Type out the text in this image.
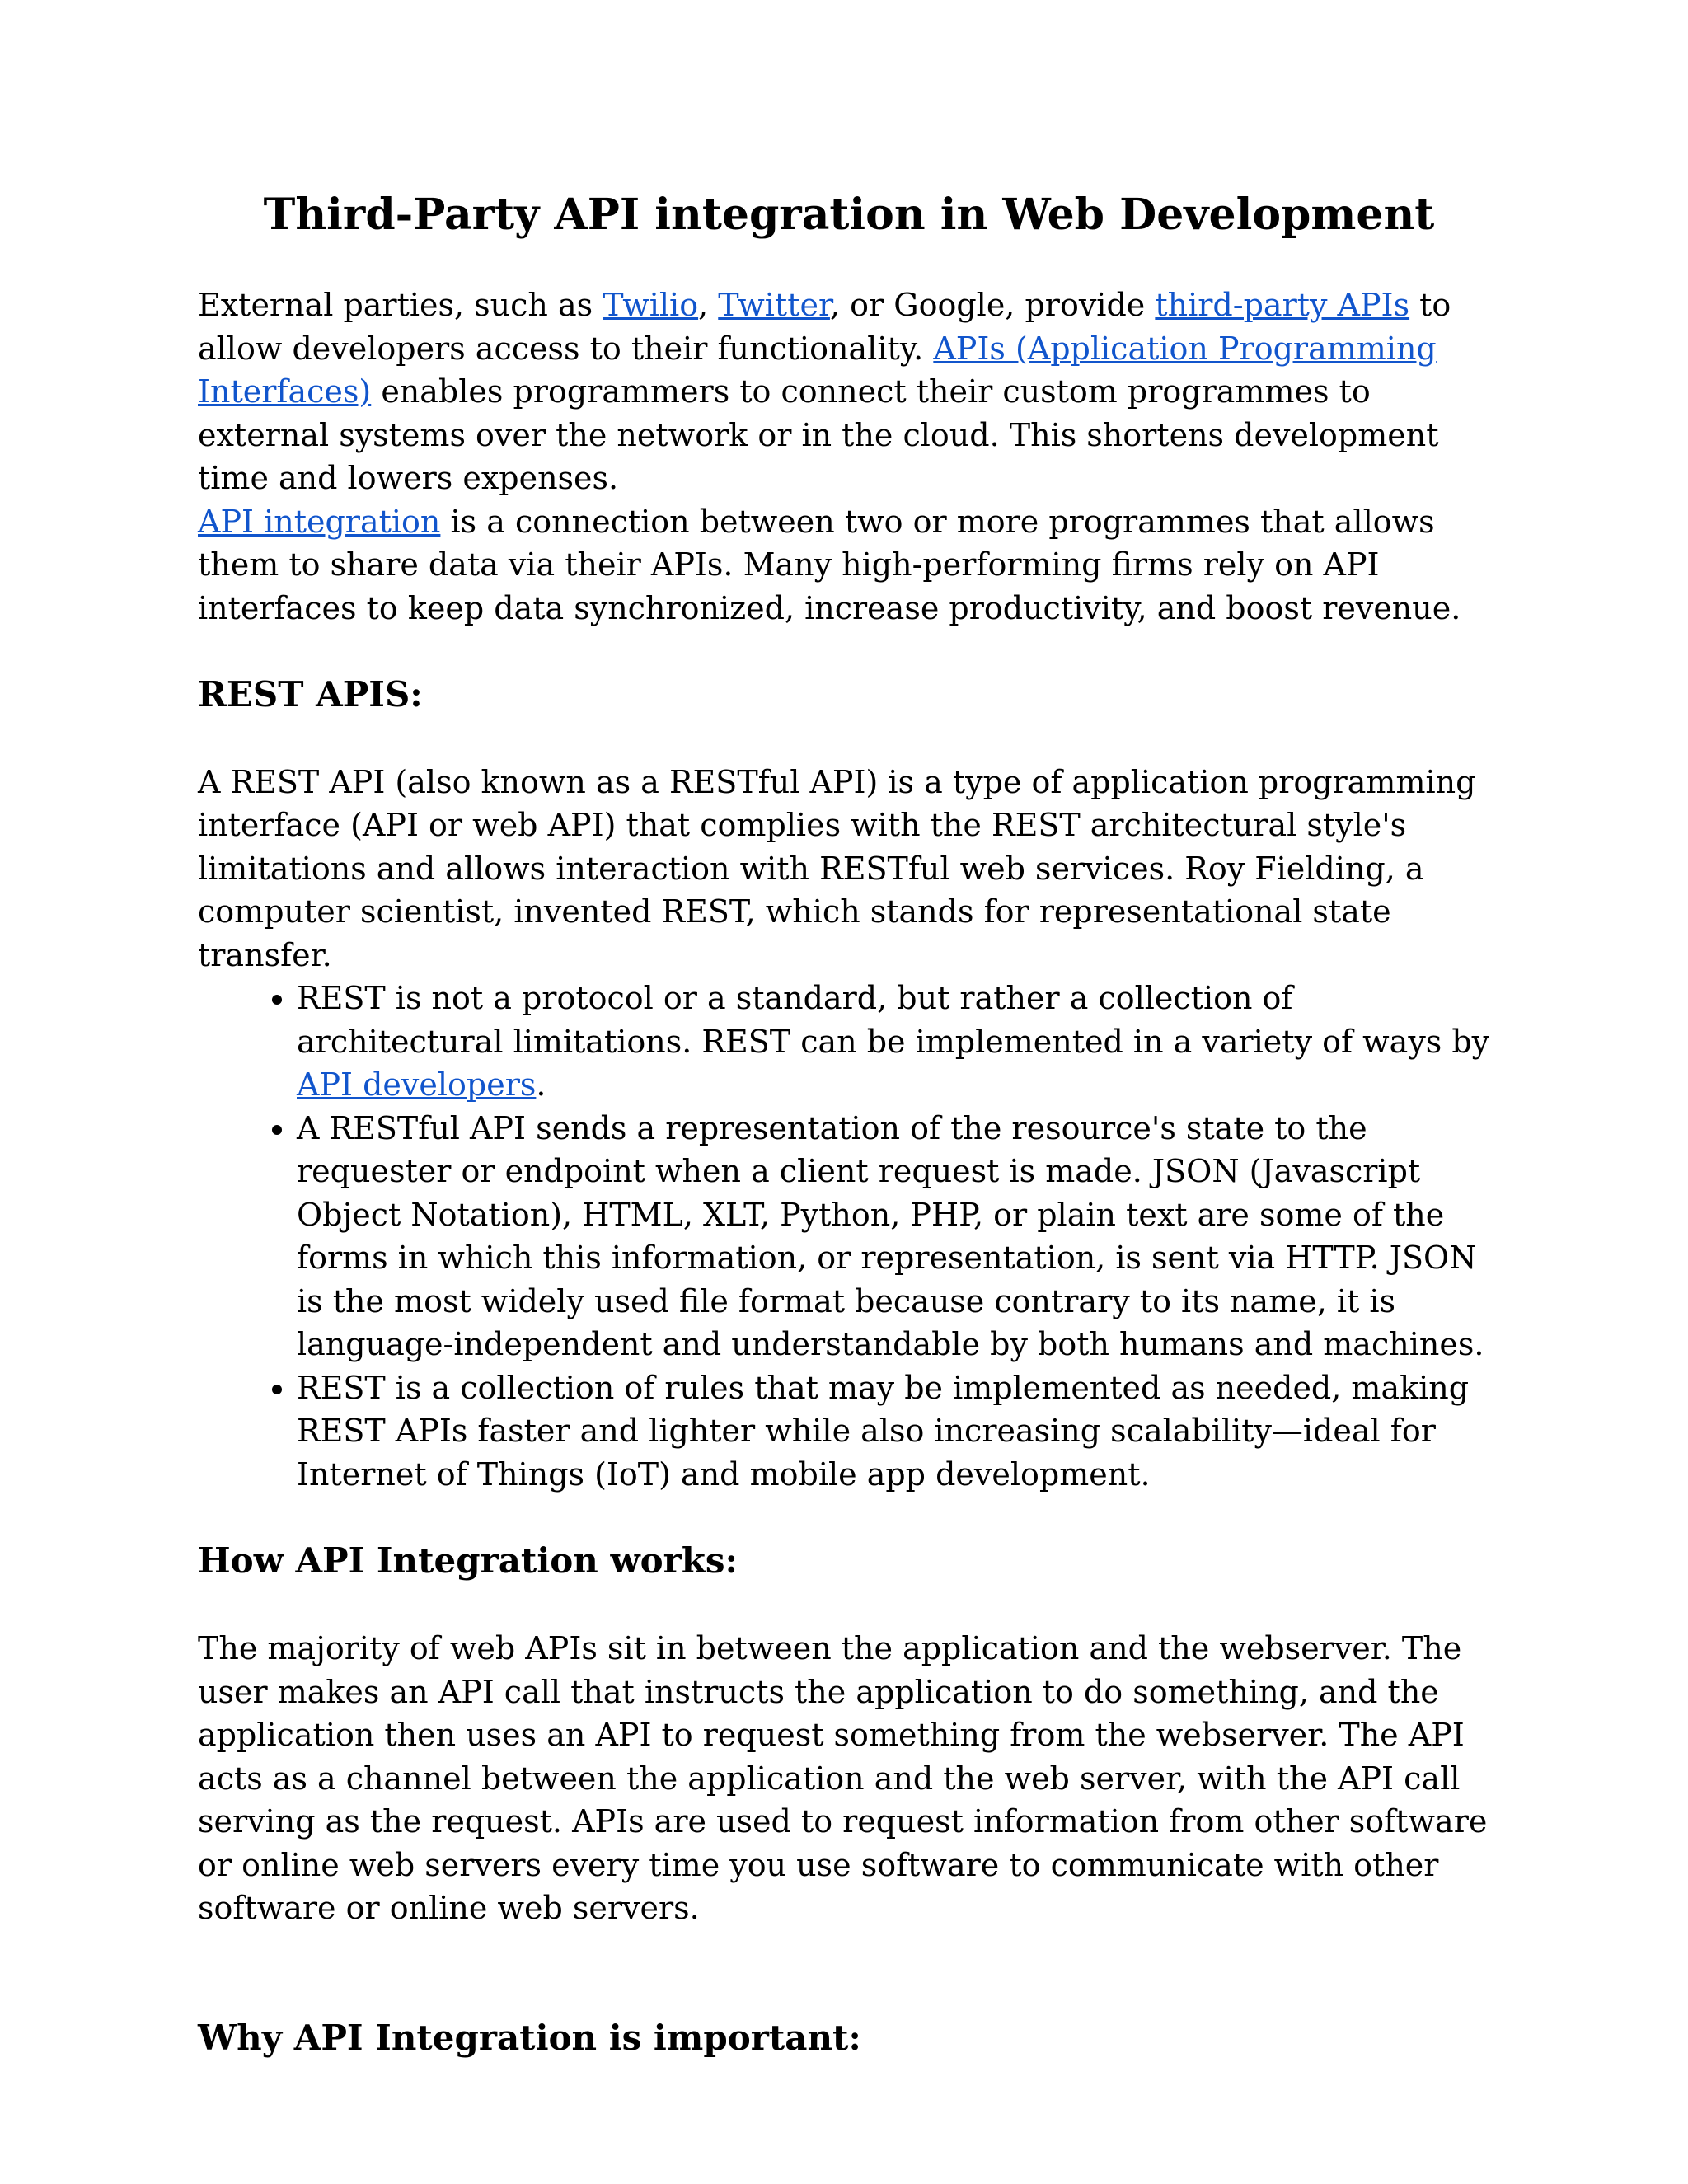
Third-Party API integration in Web Development

External parties, such as Twilio, Twitter, or Google, provide third-party APIs to allow developers access to their functionality. APIs (Application Programming Interfaces) enables programmers to connect their custom programmes to external systems over the network or in the cloud. This shortens development time and lowers expenses.
API integration is a connection between two or more programmes that allows them to share data via their APIs. Many high-performing firms rely on API interfaces to keep data synchronized, increase productivity, and boost revenue.

REST APIS:

A REST API (also known as a RESTful API) is a type of application programming interface (API or web API) that complies with the REST architectural style's limitations and allows interaction with RESTful web services. Roy Fielding, a computer scientist, invented REST, which stands for representational state transfer.

• REST is not a protocol or a standard, but rather a collection of architectural limitations. REST can be implemented in a variety of ways by API developers.
• A RESTful API sends a representation of the resource's state to the requester or endpoint when a client request is made. JSON (Javascript Object Notation), HTML, XLT, Python, PHP, or plain text are some of the forms in which this information, or representation, is sent via HTTP. JSON is the most widely used file format because contrary to its name, it is language-independent and understandable by both humans and machines.
• REST is a collection of rules that may be implemented as needed, making REST APIs faster and lighter while also increasing scalability—ideal for Internet of Things (IoT) and mobile app development.
How API Integration works:

The majority of web APIs sit in between the application and the webserver. The user makes an API call that instructs the application to do something, and the application then uses an API to request something from the webserver. The API acts as a channel between the application and the web server, with the API call serving as the request. APIs are used to request information from other software or online web servers every time you use software to communicate with other software or online web servers.

Why API Integration is important:
